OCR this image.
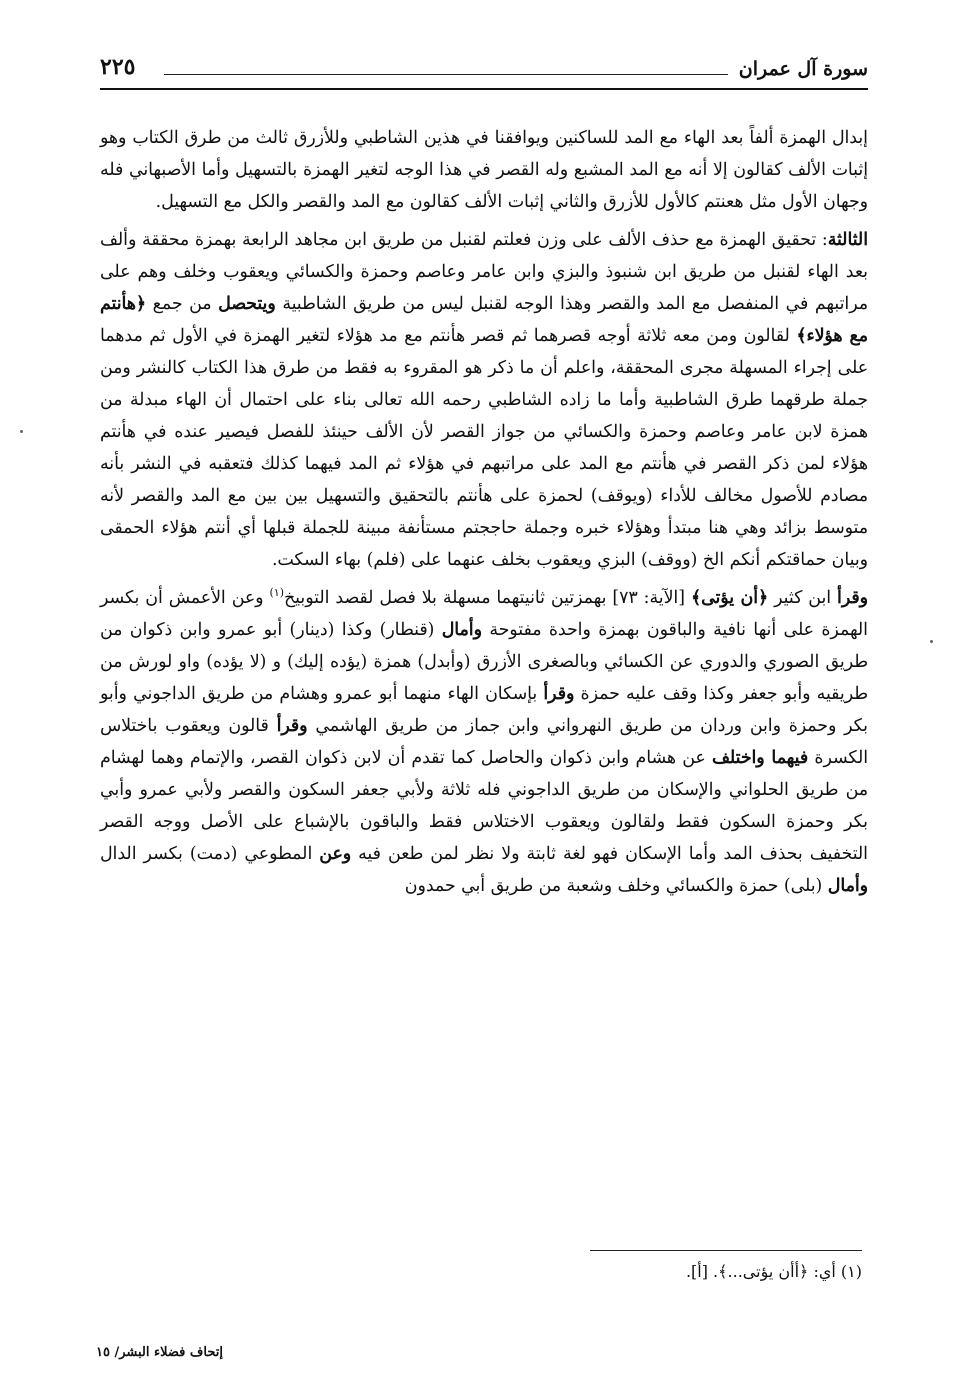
سورة آل عمران
٢٢٥

إبدال الهمزة ألفاً بعد الهاء مع المد للساكنين ويوافقنا في هذين الشاطبي وللأزرق ثالث من طرق الكتاب وهو إثبات الألف كقالون إلا أنه مع المد المشبع وله القصر في هذا الوجه لتغير الهمزة بالتسهيل وأما الأصبهاني فله وجهان الأول مثل هعنتم كالأول للأزرق والثاني إثبات الألف كقالون مع المد والقصر والكل مع التسهيل.

الثالثة: تحقيق الهمزة مع حذف الألف على وزن فعلتم لقنبل من طريق ابن مجاهد الرابعة بهمزة محققة وألف بعد الهاء لقنبل من طريق ابن شنبوذ والبزي وابن عامر وعاصم وحمزة والكسائي ويعقوب وخلف وهم على مراتبهم في المنفصل مع المد والقصر وهذا الوجه لقنبل ليس من طريق الشاطبية ويتحصل من جمع ﴿هأنتم مع هؤلاء﴾ لقالون ومن معه ثلاثة أوجه قصرهما ثم قصر هأنتم مع مد هؤلاء لتغير الهمزة في الأول ثم مدهما على إجراء المسهلة مجرى المحققة، واعلم أن ما ذكر هو المقروء به فقط من طرق هذا الكتاب كالنشر ومن جملة طرقهما طرق الشاطبية وأما ما زاده الشاطبي رحمه الله تعالى بناء على احتمال أن الهاء مبدلة من همزة لابن عامر وعاصم وحمزة والكسائي من جواز القصر لأن الألف حينئذ للفصل فيصير عنده في هأنتم هؤلاء لمن ذكر القصر في هأنتم مع المد على مراتبهم في هؤلاء ثم المد فيهما كذلك فتعقبه في النشر بأنه مصادم للأصول مخالف للأداء (ويوقف) لحمزة على هأنتم بالتحقيق والتسهيل بين بين مع المد والقصر لأنه متوسط بزائد وهي هنا مبتدأ وهؤلاء خبره وجملة حاججتم مستأنفة مبينة للجملة قبلها أي أنتم هؤلاء الحمقى وبيان حماقتكم أنكم الخ (ووقف) البزي ويعقوب بخلف عنهما على (فلم) بهاء السكت.

وقرأ ابن كثير ﴿أن يؤتى﴾ [الآية: ٧٣] بهمزتين ثانيتهما مسهلة بلا فصل لقصد التوبيخ$^{(١)}$ وعن الأعمش أن بكسر الهمزة على أنها نافية والباقون بهمزة واحدة مفتوحة وأمال (قنطار) وكذا (دينار) أبو عمرو وابن ذكوان من طريق الصوري والدوري عن الكسائي وبالصغرى الأزرق (وأبدل) همزة (يؤده إليك) و (لا يؤده) واو لورش من طريقيه وأبو جعفر وكذا وقف عليه حمزة وقرأ بإسكان الهاء منهما أبو عمرو وهشام من طريق الداجوني وأبو بكر وحمزة وابن وردان من طريق النهرواني وابن جماز من طريق الهاشمي وقرأ قالون ويعقوب باختلاس الكسرة فيهما واختلف عن هشام وابن ذكوان والحاصل كما تقدم أن لابن ذكوان القصر، والإتمام وهما لهشام من طريق الحلواني والإسكان من طريق الداجوني فله ثلاثة ولأبي جعفر السكون والقصر ولأبي عمرو وأبي بكر وحمزة السكون فقط ولقالون ويعقوب الاختلاس فقط والباقون بالإشباع على الأصل ووجه القصر التخفيف بحذف المد وأما الإسكان فهو لغة ثابتة ولا نظر لمن طعن فيه وعن المطوعي (دمت) بكسر الدال وأمال (بلى) حمزة والكسائي وخلف وشعبة من طريق أبي حمدون

(١) أي: ﴿أأن يؤتى...﴾. [أ].
إتحاف فضلاء البشر/ ١٥
